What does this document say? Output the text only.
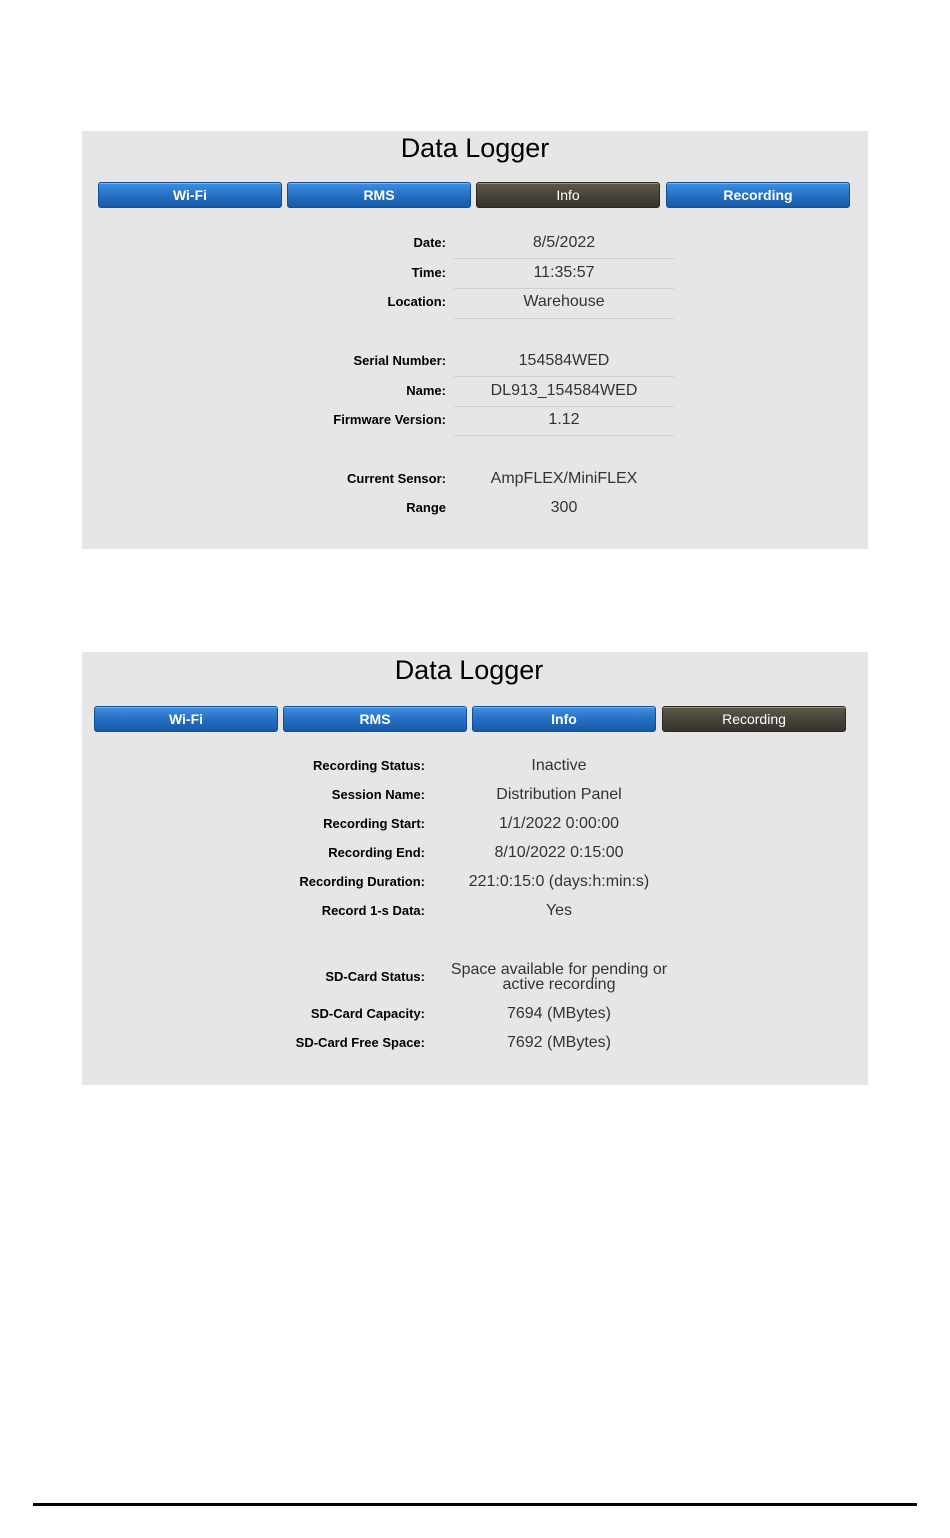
Data Logger
Wi-Fi	RMS	Info	Recording
Date:	8/5/2022
Time:	11:35:57
Location:	Warehouse
Serial Number:	154584WED
Name:	DL913_154584WED
Firmware Version:	1.12
Current Sensor:	AmpFLEX/MiniFLEX
Range	300
Data Logger
Wi-Fi	RMS	Info	Recording
Recording Status:	Inactive
Session Name:	Distribution Panel
Recording Start:	1/1/2022 0:00:00
Recording End:	8/10/2022 0:15:00
Recording Duration:	221:0:15:0 (days:h:min:s)
Record 1-s Data:	Yes
SD-Card Status:	Space available for pending or active recording
SD-Card Capacity:	7694 (MBytes)
SD-Card Free Space:	7692 (MBytes)
